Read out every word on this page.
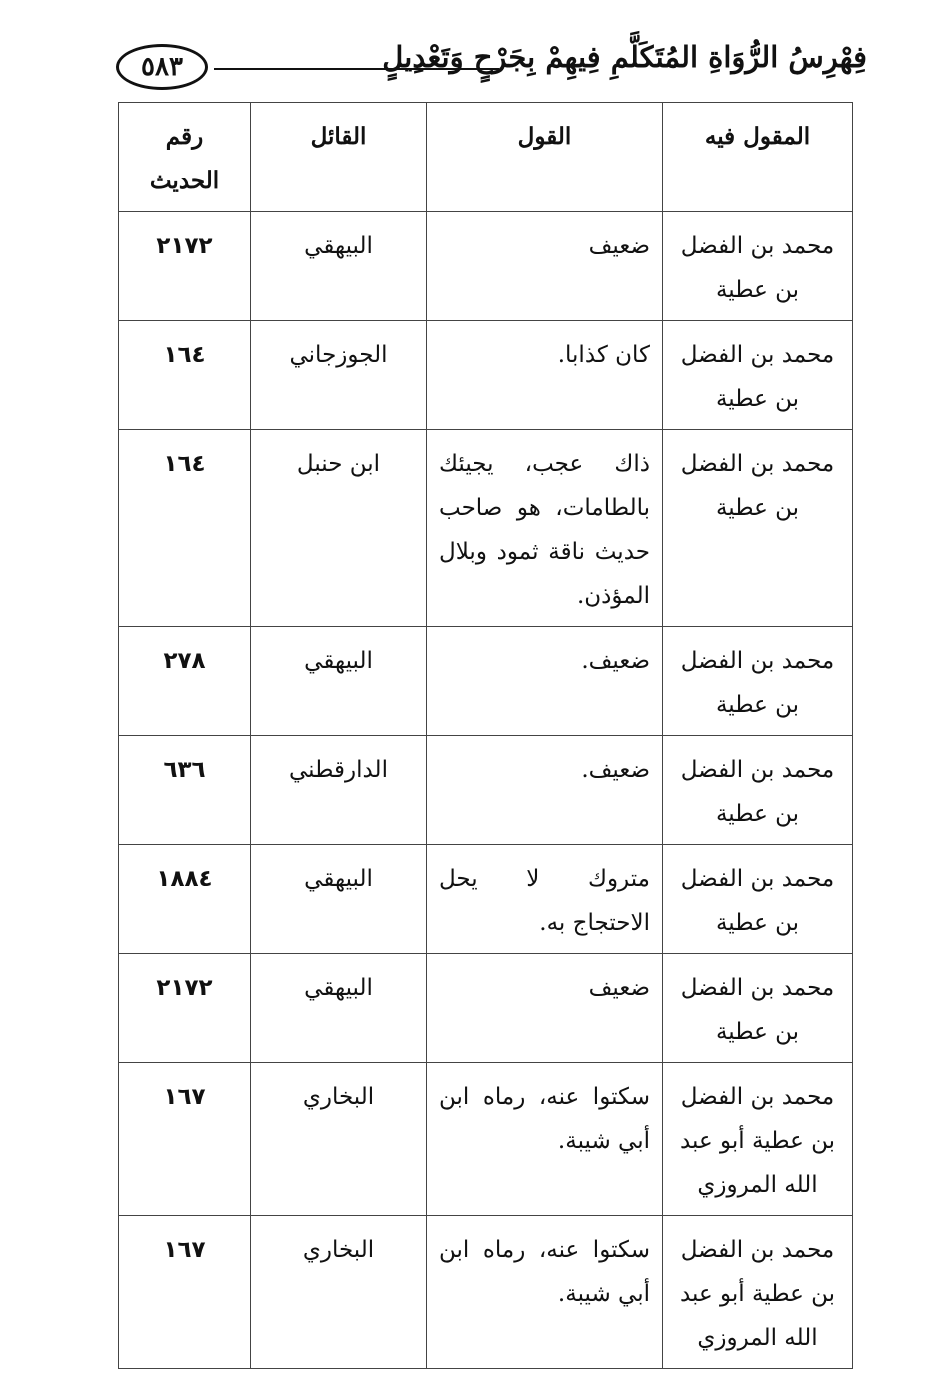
٥٨٣	فِهْرِسُ الرُّوَاةِ المُتَكَلَّمِ فِيهِمْ بِجَرْحٍ وَتَعْدِيلٍ
المقول فيه	القول	القائل	رقم الحديث
محمد بن الفضل بن عطية	ضعيف	البيهقي	٢١٧٢
محمد بن الفضل بن عطية	كان كذابا.	الجوزجاني	١٦٤
محمد بن الفضل بن عطية	ذاك عجب، يجيئك بالطامات، هو صاحب حديث ناقة ثمود وبلال المؤذن.	ابن حنبل	١٦٤
محمد بن الفضل بن عطية	ضعيف.	البيهقي	٢٧٨
محمد بن الفضل بن عطية	ضعيف.	الدارقطني	٦٣٦
محمد بن الفضل بن عطية	متروك لا يحل الاحتجاج به.	البيهقي	١٨٨٤
محمد بن الفضل بن عطية	ضعيف	البيهقي	٢١٧٢
محمد بن الفضل بن عطية أبو عبد الله المروزي	سكتوا عنه، رماه ابن أبي شيبة.	البخاري	١٦٧
محمد بن الفضل بن عطية أبو عبد الله المروزي	سكتوا عنه، رماه ابن أبي شيبة.	البخاري	١٦٧
